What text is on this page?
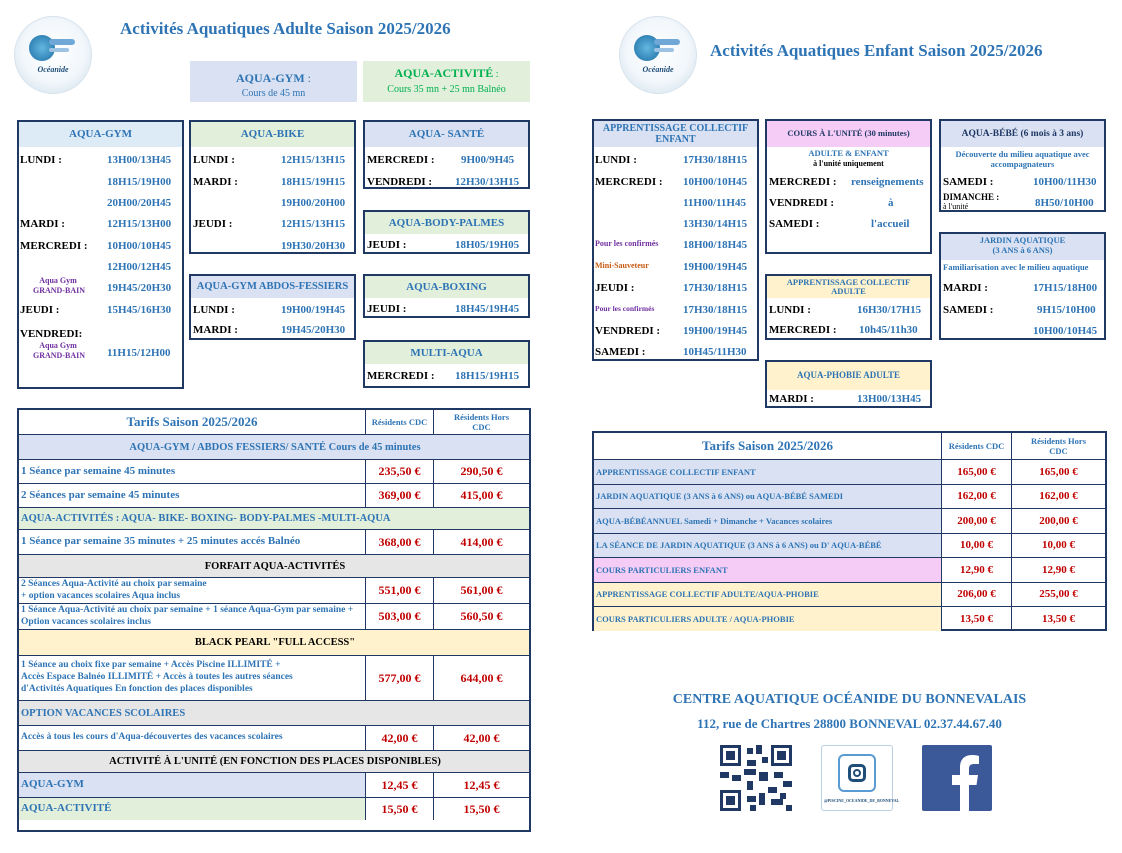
Océanide
Activités Aquatiques Adulte Saison 2025/2026
AQUA-GYM :
Cours de 45 mn
AQUA-ACTIVITÉ :
Cours 35 mn + 25 mn Balnéo
AQUA-GYM
LUNDI :	13H00/13H45
18H15/19H00
20H00/20H45
MARDI :	12H15/13H00
MERCREDI : 10H00/10H45
12H00/12H45
Aqua Gym
GRAND-BAIN 19H45/20H30
JEUDI :	15H45/16H30
VENDREDI:
Aqua Gym
GRAND-BAIN 11H15/12H00
AQUA-BIKE
LUNDI :	12H15/13H15
MARDI :	18H15/19H15
19H00/20H00
JEUDI :	12H15/13H15
19H30/20H30
AQUA-GYM ABDOS-FESSIERS
LUNDI :	19H00/19H45
MARDI :	19H45/20H30
AQUA- SANTÉ
MERCREDI : 9H00/9H45
VENDREDI : 12H30/13H15
AQUA-BODY-PALMES
JEUDI :	18H05/19H05
AQUA-BOXING
JEUDI :	18H45/19H45
MULTI-AQUA
MERCREDI : 18H15/19H15
Tarifs Saison 2025/2026	Résidents CDC	Résidents Hors CDC
AQUA-GYM / ABDOS FESSIERS/ SANTÉ Cours de 45 minutes
1 Séance par semaine 45 minutes	235,50 €	290,50 €
2 Séances par semaine 45 minutes	369,00 €	415,00 €
AQUA-ACTIVITÉS : AQUA- BIKE- BOXING- BODY-PALMES -MULTI-AQUA
1 Séance par semaine 35 minutes + 25 minutes accés Balnéo	368,00 €	414,00 €
FORFAIT AQUA-ACTIVITÉS
2 Séances Aqua-Activité au choix par semaine
+ option vacances scolaires Aqua inclus	551,00 €	561,00 €
1 Séance Aqua-Activité au choix par semaine + 1 séance Aqua-Gym par semaine + Option vacances scolaires inclus	503,00 €	560,50 €
BLACK PEARL "FULL ACCESS"
1 Séance au choix fixe par semaine + Accès Piscine ILLIMITÉ +
Accès Espace Balnéo ILLIMITÉ + Accès à toutes les autres séances
d'Activités Aquatiques En fonction des places disponibles
577,00 €	644,00 €
OPTION VACANCES SCOLAIRES
Accès à tous les cours d'Aqua-découvertes des vacances scolaires	42,00 €	42,00 €
ACTIVITÉ À L'UNITÉ (EN FONCTION DES PLACES DISPONIBLES)
AQUA-GYM	12,45 €	12,45 €
AQUA-ACTIVITÉ	15,50 €	15,50 €
Océanide
Activités Aquatiques Enfant Saison 2025/2026
APPRENTISSAGE COLLECTIF ENFANT
LUNDI :	17H30/18H15
MERCREDI : 10H00/10H45
11H00/11H45
13H30/14H15
Pour les confirmés 18H00/18H45
Mini-Sauveteur	19H00/19H45
JEUDI :	17H30/18H15
Pour les confirmés	17H30/18H15
VENDREDI : 19H00/19H45
SAMEDI :	10H45/11H30
COURS À L'UNITÉ (30 minutes)
ADULTE & ENFANT
à l'unité uniquement
MERCREDI : renseignements
VENDREDI :	à
SAMEDI :	l'accueil
AQUA-BÉBÉ (6 mois à 3 ans)
Découverte du milieu aquatique avec accompagnateurs
SAMEDI :	10H00/11H30
DIMANCHE :
à l'unité	8H50/10H00
JARDIN AQUATIQUE
(3 ANS à 6 ANS)
Familiarisation avec le milieu aquatique
MARDI :	17H15/18H00
SAMEDI :	9H15/10H00
10H00/10H45
APPRENTISSAGE COLLECTIF ADULTE
LUNDI :	16H30/17H15
MERCREDI : 10h45/11h30
AQUA-PHOBIE ADULTE
MARDI :	13H00/13H45
Tarifs Saison 2025/2026	Résidents CDC	Résidents Hors CDC
APPRENTISSAGE COLLECTIF ENFANT	165,00 €	165,00 €
JARDIN AQUATIQUE (3 ANS à 6 ANS) ou AQUA-BÉBÉ SAMEDI	162,00 €	162,00 €
AQUA-BÉBÉANNUEL Samedi + Dimanche + Vacances scolaires	200,00 €	200,00 €
LA SÉANCE DE JARDIN AQUATIQUE (3 ANS à 6 ANS) ou D' AQUA-BÉBÉ	10,00 €	10,00 €
COURS PARTICULIERS ENFANT	12,90 €	12,90 €
APPRENTISSAGE COLLECTIF ADULTE/AQUA-PHOBIE	206,00 €	255,00 €
COURS PARTICULIERS ADULTE / AQUA-PHOBIE	13,50 €	13,50 €
CENTRE AQUATIQUE OCÉANIDE DU BONNEVALAIS
112, rue de Chartres 28800 BONNEVAL 02.37.44.67.40
@PISCINE_OCEANIDE_DE_BONNEVAL
